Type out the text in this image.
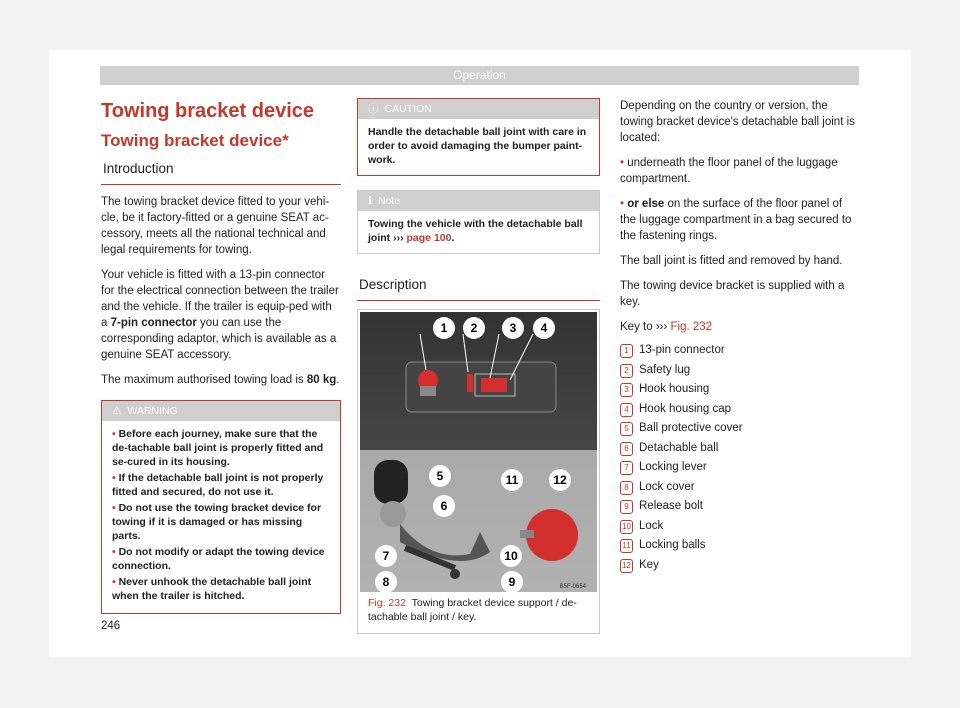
Operation
Towing bracket device
Towing bracket device*
Introduction

The towing bracket device fitted to your vehi-cle, be it factory-fitted or a genuine SEAT ac-cessory, meets all the national technical and legal requirements for towing.

Your vehicle is fitted with a 13-pin connector for the electrical connection between the trailer and the vehicle. If the trailer is equip-ped with a 7-pin connector you can use the corresponding adaptor, which is available as a genuine SEAT accessory.

The maximum authorised towing load is 80 kg.

⚠ WARNING
• Before each journey, make sure that the de-tachable ball joint is properly fitted and se-cured in its housing.
• If the detachable ball joint is not properly fitted and secured, do not use it.
• Do not use the towing bracket device for towing if it is damaged or has missing parts.
• Do not modify or adapt the towing device connection.
• Never unhook the detachable ball joint when the trailer is hitched.
ⓘ CAUTION
Handle the detachable ball joint with care in order to avoid damaging the bumper paint-work.
ℹ Note
Towing the vehicle with the detachable ball joint ››› page 100.
Description
1 2	3 4
5
6
7
8	9
10
11	12
B5F-0654
Fig. 232 Towing bracket device support / de-tachable ball joint / key.
Depending on the country or version, the towing bracket device's detachable ball joint is located:

• underneath the floor panel of the luggage compartment.

• or else on the surface of the floor panel of the luggage compartment in a bag secured to the fastening rings.

The ball joint is fitted and removed by hand.

The towing device bracket is supplied with a key.

Key to ››› Fig. 232

1 13-pin connector
2 Safety lug
3 Hook housing
4 Hook housing cap
5 Ball protective cover
6 Detachable ball
7 Locking lever
8 Lock cover
9 Release bolt
10 Lock
11 Locking balls
12 Key
246
